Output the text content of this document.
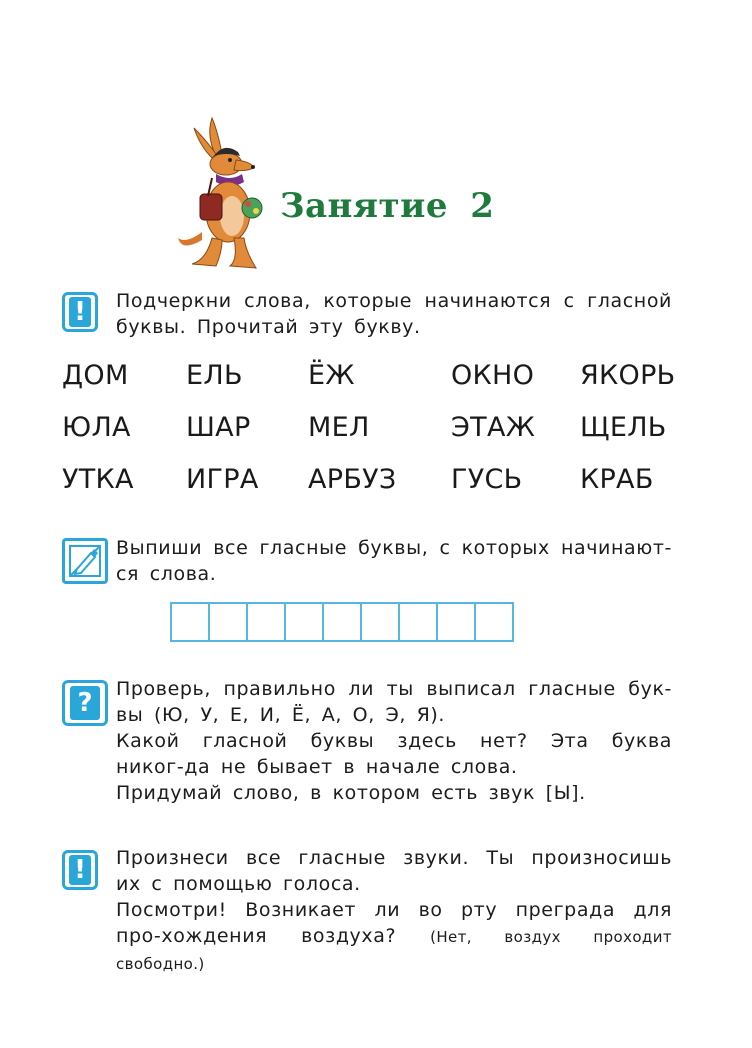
Занятие 2
! Подчеркни слова, которые начинаются с гласной буквы. Прочитай эту букву.

ДОМ ЕЛЬ ЁЖ	ОКНО ЯКОРЬ
ЮЛА ШАР МЕЛ	ЭТАЖ ЩЕЛЬ
УТКА ИГРА АРБУЗ ГУСЬ КРАБ
Выпиши все гласные буквы, с которых начинают-ся слова.
?	Проверь, правильно ли ты выписал гласные бук-вы (Ю, У, Е, И, Ё, А, О, Э, Я).

Какой гласной буквы здесь нет? Эта буква никог-да не бывает в начале слова.

Придумай слово, в котором есть звук [Ы].

! Произнеси все гласные звуки. Ты произносишь их с помощью голоса.

Посмотри! Возникает ли во рту преграда для про-хождения воздуха? (Нет, воздух проходит свободно.)
